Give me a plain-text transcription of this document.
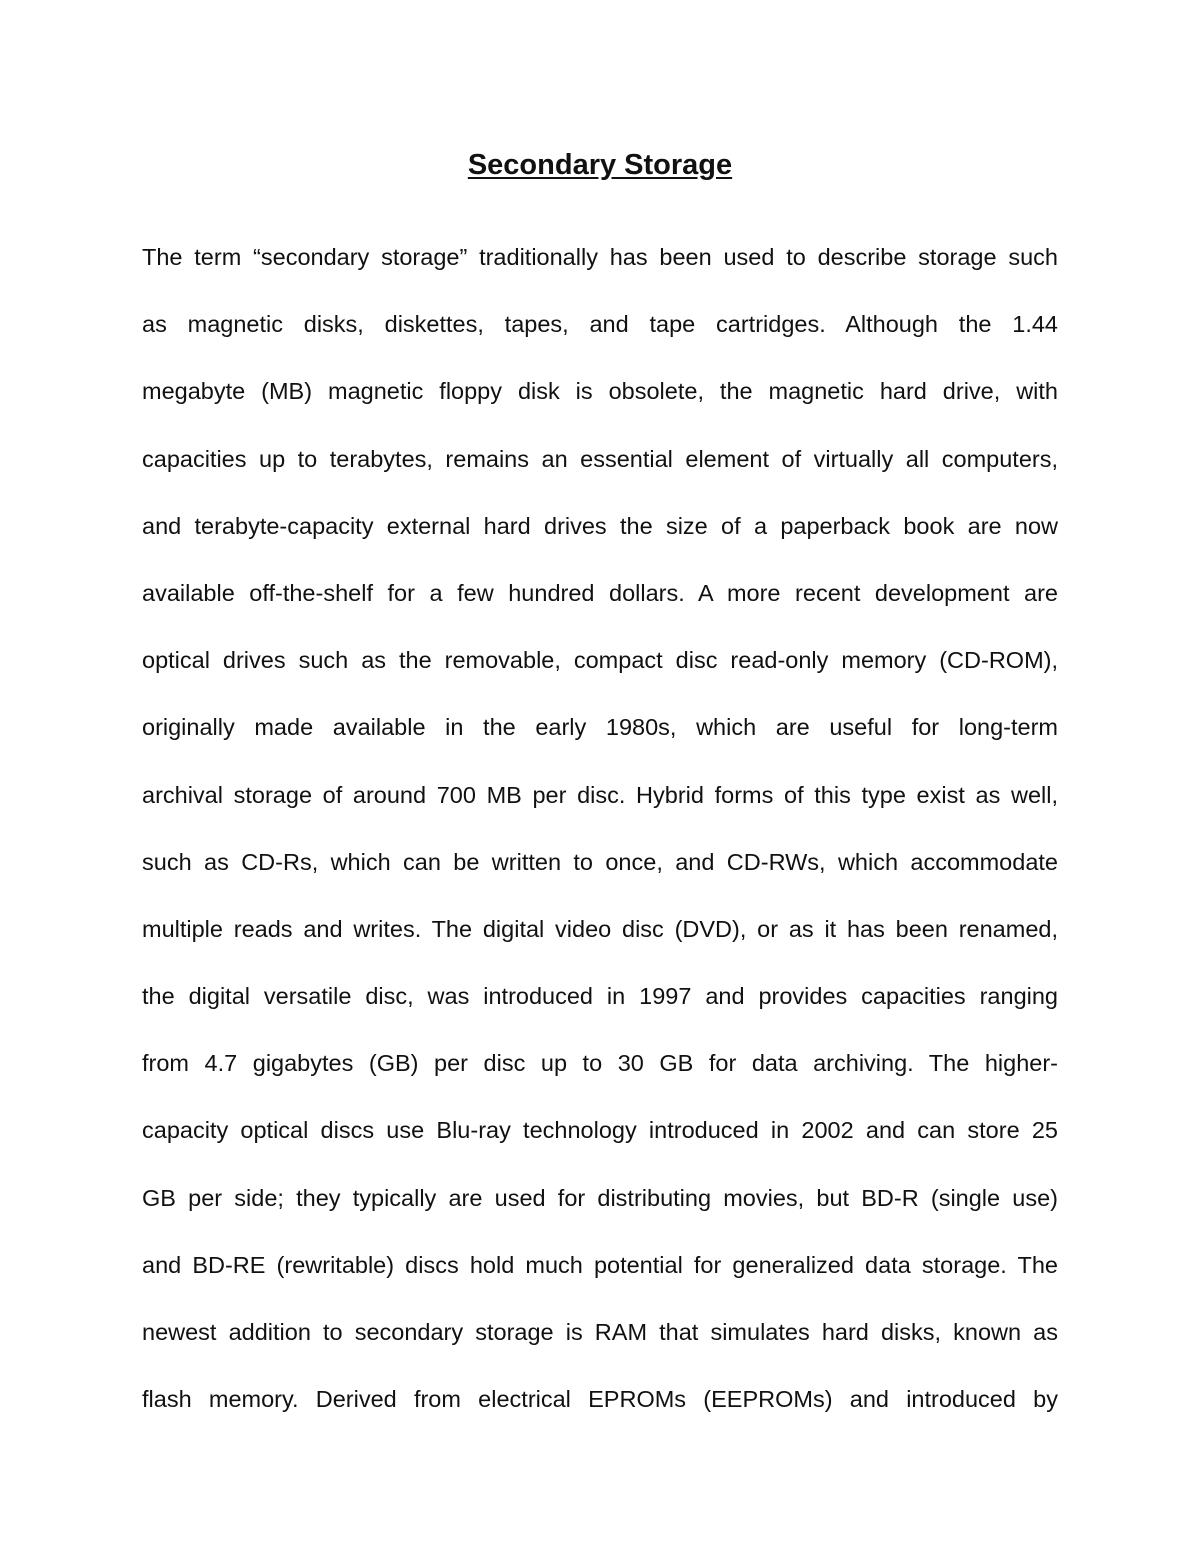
Secondary Storage
The term “secondary storage” traditionally has been used to describe storage such
as magnetic disks, diskettes, tapes, and tape cartridges. Although the 1.44
megabyte (MB) magnetic floppy disk is obsolete, the magnetic hard drive, with
capacities up to terabytes, remains an essential element of virtually all computers,
and terabyte-capacity external hard drives the size of a paperback book are now
available off-the-shelf for a few hundred dollars. A more recent development are
optical drives such as the removable, compact disc read-only memory (CD-ROM),
originally made available in the early 1980s, which are useful for long-term
archival storage of around 700 MB per disc. Hybrid forms of this type exist as well,
such as CD-Rs, which can be written to once, and CD-RWs, which accommodate
multiple reads and writes. The digital video disc (DVD), or as it has been renamed,
the digital versatile disc, was introduced in 1997 and provides capacities ranging
from 4.7 gigabytes (GB) per disc up to 30 GB for data archiving. The higher-
capacity optical discs use Blu-ray technology introduced in 2002 and can store 25
GB per side; they typically are used for distributing movies, but BD-R (single use)
and BD-RE (rewritable) discs hold much potential for generalized data storage. The
newest addition to secondary storage is RAM that simulates hard disks, known as
flash memory. Derived from electrical EPROMs (EEPROMs) and introduced by
